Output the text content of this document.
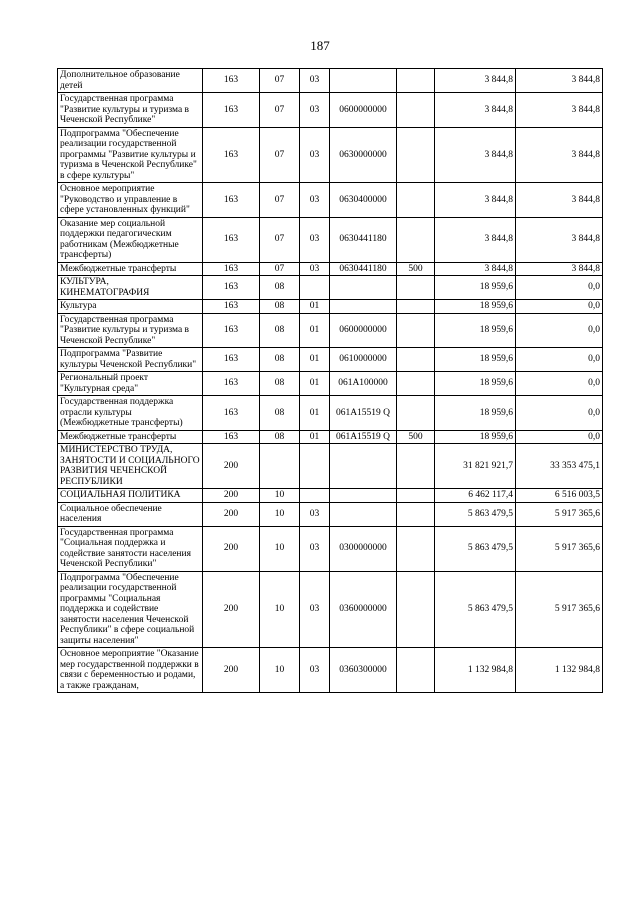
187
Дополнительное образование детей	163	07	03			3 844,8	3 844,8
Государственная программа "Развитие культуры и туризма в Чеченской Республике"	163	07	03	0600000000		3 844,8	3 844,8
Подпрограмма "Обеспечение реализации государственной программы "Развитие культуры и туризма в Чеченской Республике" в сфере культуры"	163	07	03	0630000000		3 844,8	3 844,8
Основное мероприятие "Руководство и управление в сфере установленных функций"	163	07	03	0630400000		3 844,8	3 844,8
Оказание мер социальной поддержки педагогическим работникам (Межбюджетные трансферты)	163	07	03	0630441180		3 844,8	3 844,8
Межбюджетные трансферты	163	07	03	0630441180	500	3 844,8	3 844,8
КУЛЬТУРА, КИНЕМАТОГРАФИЯ	163	08				18 959,6	0,0
Культура	163	08	01			18 959,6	0,0
Государственная программа "Развитие культуры и туризма в Чеченской Республике"	163	08	01	0600000000		18 959,6	0,0
Подпрограмма "Развитие культуры Чеченской Республики"	163	08	01	0610000000		18 959,6	0,0
Региональный проект "Культурная среда"	163	08	01	061A100000		18 959,6	0,0
Государственная поддержка отрасли культуры (Межбюджетные трансферты)	163	08	01	061A15519 Q		18 959,6	0,0
Межбюджетные трансферты	163	08	01	061A15519 Q	500	18 959,6	0,0
МИНИСТЕРСТВО ТРУДА, ЗАНЯТОСТИ И СОЦИАЛЬНОГО РАЗВИТИЯ ЧЕЧЕНСКОЙ РЕСПУБЛИКИ	200					31 821 921,7	33 353 475,1
СОЦИАЛЬНАЯ ПОЛИТИКА	200	10				6 462 117,4	6 516 003,5
Социальное обеспечение населения	200	10	03			5 863 479,5	5 917 365,6
Государственная программа "Социальная поддержка и содействие занятости населения Чеченской Республики"	200	10	03	0300000000		5 863 479,5	5 917 365,6
Подпрограмма "Обеспечение реализации государственной программы "Социальная поддержка и содействие занятости населения Чеченской Республики" в сфере социальной защиты населения"	200	10	03	0360000000		5 863 479,5	5 917 365,6
Основное мероприятие "Оказание мер государственной поддержки в связи с беременностью и родами, а также гражданам,	200	10	03	0360300000		1 132 984,8	1 132 984,8
